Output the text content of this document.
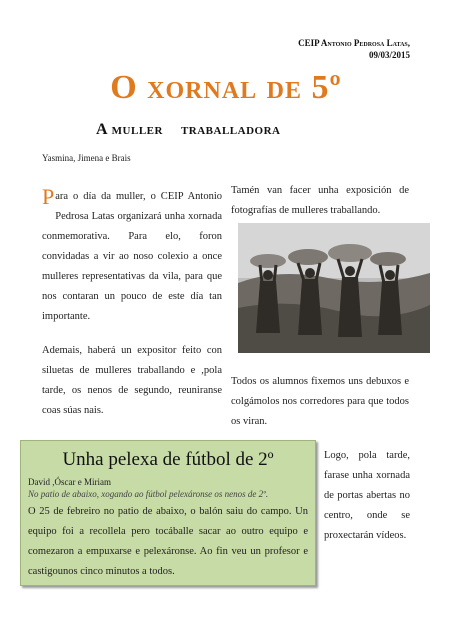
CEIP Antonio Pedrosa Latas,
09/03/2015
O xornal de 5º
A muller    traballadora
Yasmina, Jimena e Brais

Para o día da muller, o CEIP Antonio Pedrosa Latas organizará unha xornada conmemorativa. Para elo, foron convidadas a vir ao noso colexio a once mulleres representativas da vila, para que nos contaran un pouco de este día tan importante.

Ademais, haberá un expositor feito con siluetas de mulleres traballando e ,pola tarde, os nenos de segundo, reuniranse coas súas nais.

Tamén van facer unha exposición de fotografías de mulleres traballando.
Todos os alumnos fixemos uns debuxos e colgámolos nos corredores para que todos os viran.
Unha pelexa de fútbol de 2º
David ,Óscar e Miriam
No patio de abaixo, xogando ao fútbol pelexáronse os nenos de 2º.
O 25 de febreiro no patio de abaixo, o balón saiu do campo. Un equipo foi a recollela pero tocáballe sacar ao outro equipo e comezaron a empuxarse e pelexáronse. Ao fin veu un profesor e castigounos cinco minutos a todos.
Logo, pola tarde, farase unha xornada de portas abertas no centro, onde se proxectarán vídeos.
